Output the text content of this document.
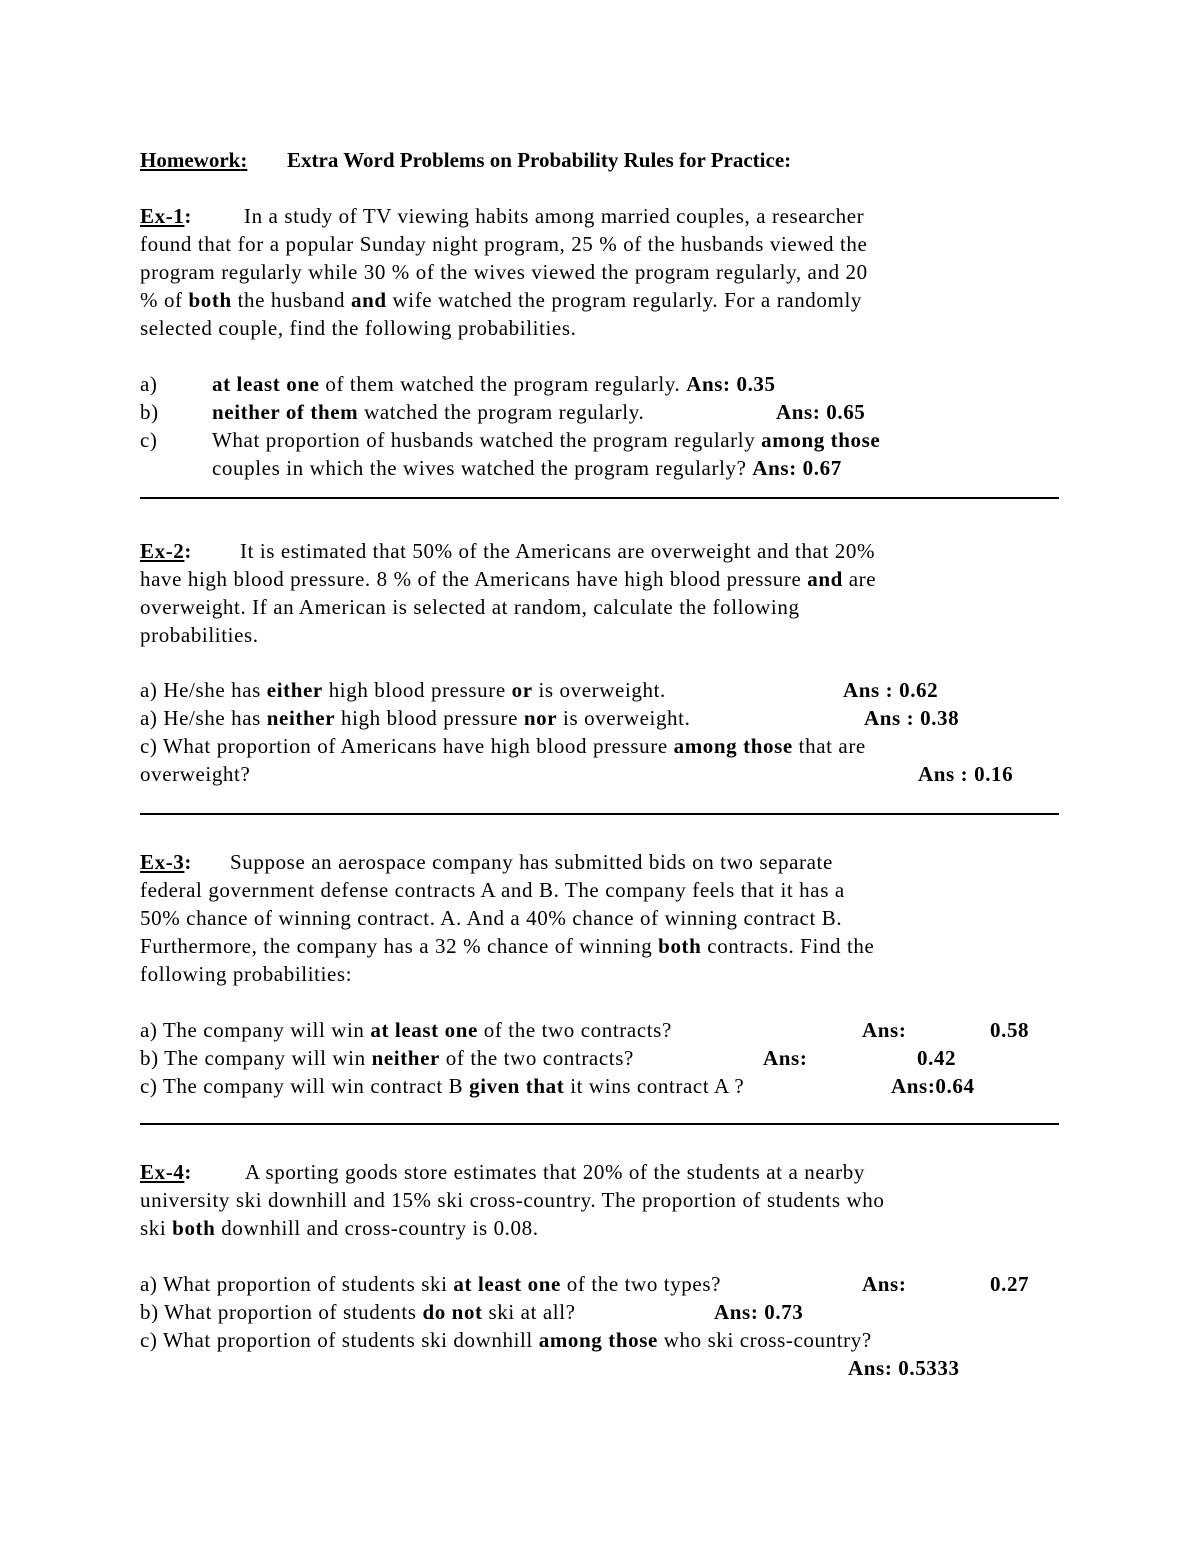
Homework: Extra Word Problems on Probability Rules for Practice:
Ex-1: In a study of TV viewing habits among married couples, a researcher
found that for a popular Sunday night program, 25 % of the husbands viewed the
program regularly while 30 % of the wives viewed the program regularly, and 20
% of both the husband and wife watched the program regularly. For a randomly
selected couple, find the following probabilities.
a)	at least one of them watched the program regularly. Ans: 0.35
b)	neither of them watched the program regularly.	Ans: 0.65
c)	What proportion of husbands watched the program regularly among those
couples in which the wives watched the program regularly? Ans: 0.67
Ex-2: It is estimated that 50% of the Americans are overweight and that 20%
have high blood pressure. 8 % of the Americans have high blood pressure and are
overweight. If an American is selected at random, calculate the following
probabilities.
a) He/she has either high blood pressure or is overweight.	Ans : 0.62
a) He/she has neither high blood pressure nor is overweight.	Ans : 0.38
c) What proportion of Americans have high blood pressure among those that are
overweight?	Ans : 0.16
Ex-3: Suppose an aerospace company has submitted bids on two separate
federal government defense contracts A and B. The company feels that it has a
50% chance of winning contract. A. And a 40% chance of winning contract B.
Furthermore, the company has a 32 % chance of winning both contracts. Find the
following probabilities:
a) The company will win at least one of the two contracts?	Ans:	0.58
b) The company will win neither of the two contracts?	Ans:	0.42
c) The company will win contract B given that it wins contract A ?	Ans:0.64
Ex-4:	A sporting goods store estimates that 20% of the students at a nearby
university ski downhill and 15% ski cross-country. The proportion of students who
ski both downhill and cross-country is 0.08.
a) What proportion of students ski at least one of the two types?	Ans:	0.27
b) What proportion of students do not ski at all?	Ans: 0.73
c) What proportion of students ski downhill among those who ski cross-country?
Ans: 0.5333
